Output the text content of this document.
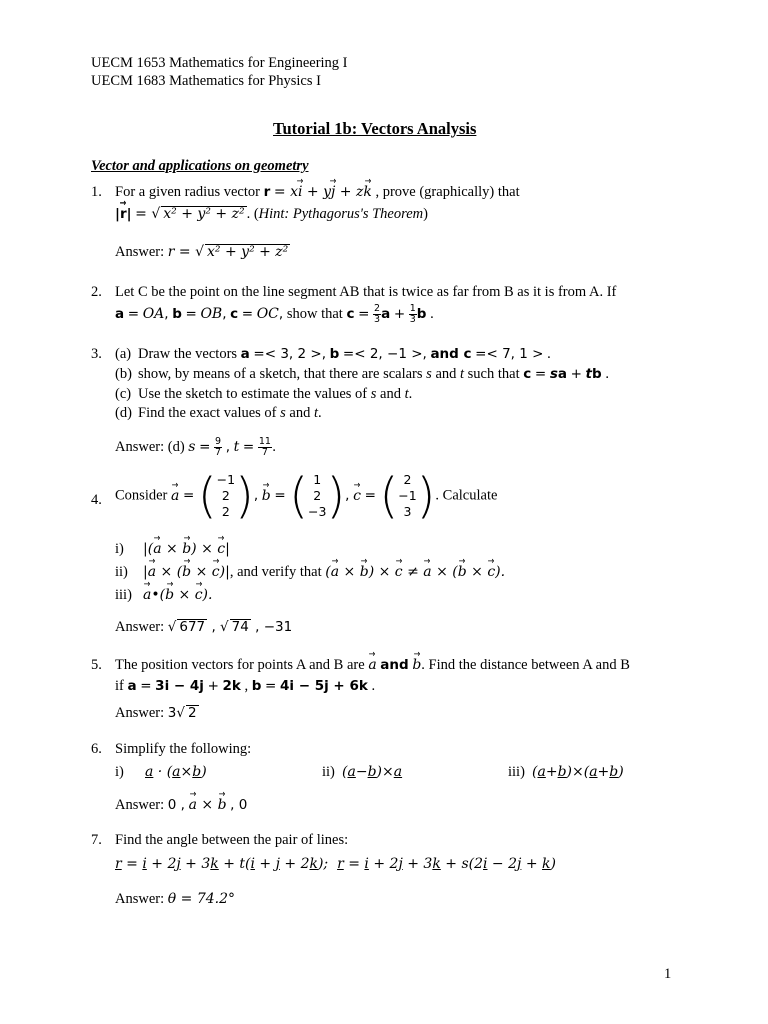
UECM 1653 Mathematics for Engineering I
UECM 1683 Mathematics for Physics I
Tutorial 1b: Vectors Analysis
Vector and applications on geometry
1. For a given radius vector r = x→ i + y→ j + z→ k , prove (graphically) that
|→ r| = √ x² + y² + z² . (Hint: Pythagorus's Theorem)
Answer: r = √ x² + y² + z²
2. Let C be the point on the line segment AB that is twice as far from B as it is from A. If
a = OA, b = OB, c = OC, show that $c = \frac{2}{3}$ $a + \frac{1}{3}$ b .
3. (a) Draw the vectors a =< 3, 2 >, b =< 2, −1 >, and c =< 7, 1 > .
(b) show, by means of a sketch, that there are scalars s and t such that c = sa + tb .
(c) Use the sketch to estimate the values of s and t.
(d) Find the exact values of s and t.
Answer: (d) $s = \frac{9}{7}$ , $t = \frac{11}{7}$ .
4. Consider → a = ( −1
2
2 ) , → b = ( 1
2
−3 ) , → c = ( 2
−1
3 ) . Calculate
i) |(→ a × → b) × → c|
ii) |→ a × (→ b × → c)|, and verify that (→ a × → b) × → c ≠ → a × (→ b × → c).
iii) → a•(→ b × → c).
Answer: √ 677 , √ 74 , −31
5. The position vectors for points A and B are → a and → b. Find the distance between A and B
if a = 3i − 4j + 2k , b = 4i − 5j + 6k .
Answer: 3√ 2
6. Simplify the following:
i) a · (a×b)	ii) (a−b)×a	iii) (a+b)×(a+b)
Answer: 0 , → a × → b , 0
7. Find the angle between the pair of lines:
r = i + 2j + 3k + t(i + j + 2k);  r = i + 2j + 3k + s(2i − 2j + k)
Answer: θ = 74.2°
1
